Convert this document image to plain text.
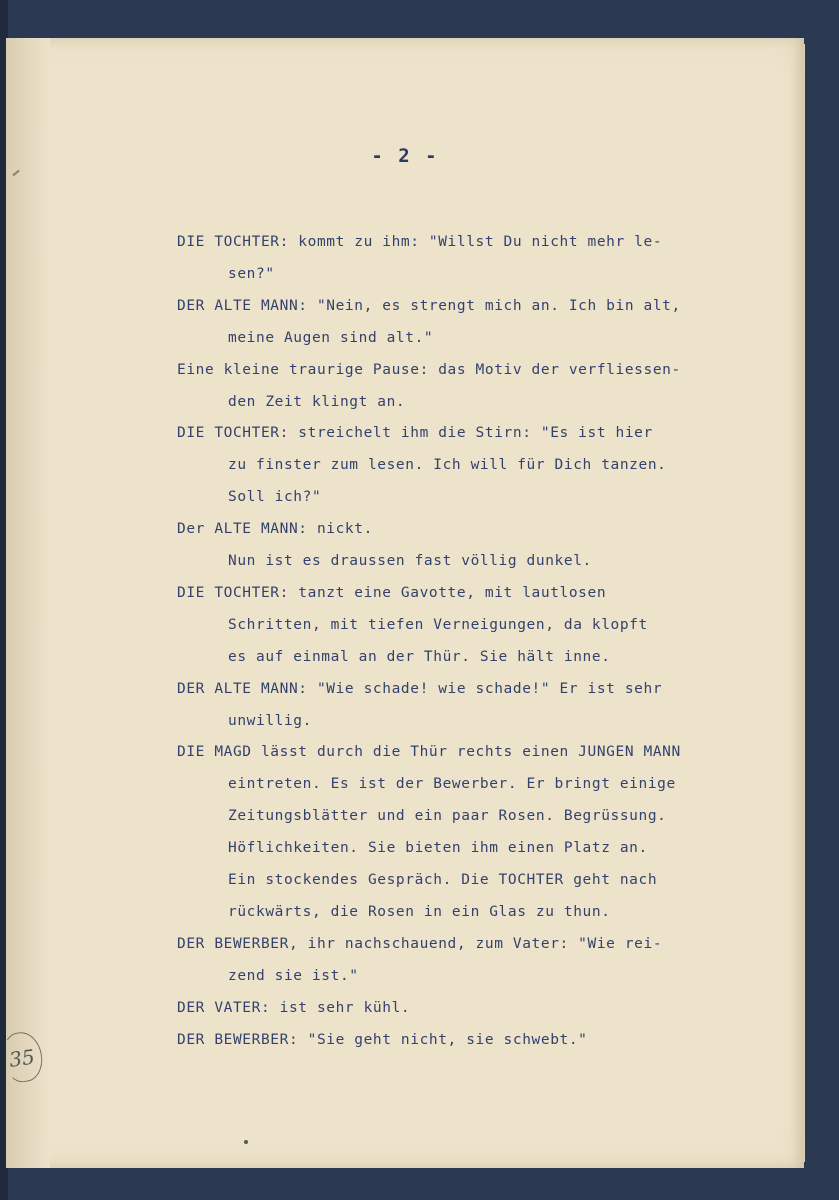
- 2 -
DIE TOCHTER: kommt zu ihm: "Willst Du nicht mehr le-
sen?"
DER ALTE MANN: "Nein, es strengt mich an. Ich bin alt,
meine Augen sind alt."
Eine kleine traurige Pause: das Motiv der verfliessen-
den Zeit klingt an.
DIE TOCHTER: streichelt ihm die Stirn: "Es ist hier
zu finster zum lesen. Ich will für Dich tanzen.
Soll ich?"
Der ALTE MANN: nickt.
Nun ist es draussen fast völlig dunkel.
DIE TOCHTER: tanzt eine Gavotte, mit lautlosen
Schritten, mit tiefen Verneigungen, da klopft
es auf einmal an der Thür. Sie hält inne.
DER ALTE MANN: "Wie schade! wie schade!" Er ist sehr
unwillig.
DIE MAGD lässt durch die Thür rechts einen JUNGEN MANN
eintreten. Es ist der Bewerber. Er bringt einige
Zeitungsblätter und ein paar Rosen. Begrüssung.
Höflichkeiten. Sie bieten ihm einen Platz an.
Ein stockendes Gespräch. Die TOCHTER geht nach
rückwärts, die Rosen in ein Glas zu thun.
DER BEWERBER, ihr nachschauend, zum Vater: "Wie rei-
zend sie ist."
DER VATER: ist sehr kühl.
DER BEWERBER: "Sie geht nicht, sie schwebt."
35
